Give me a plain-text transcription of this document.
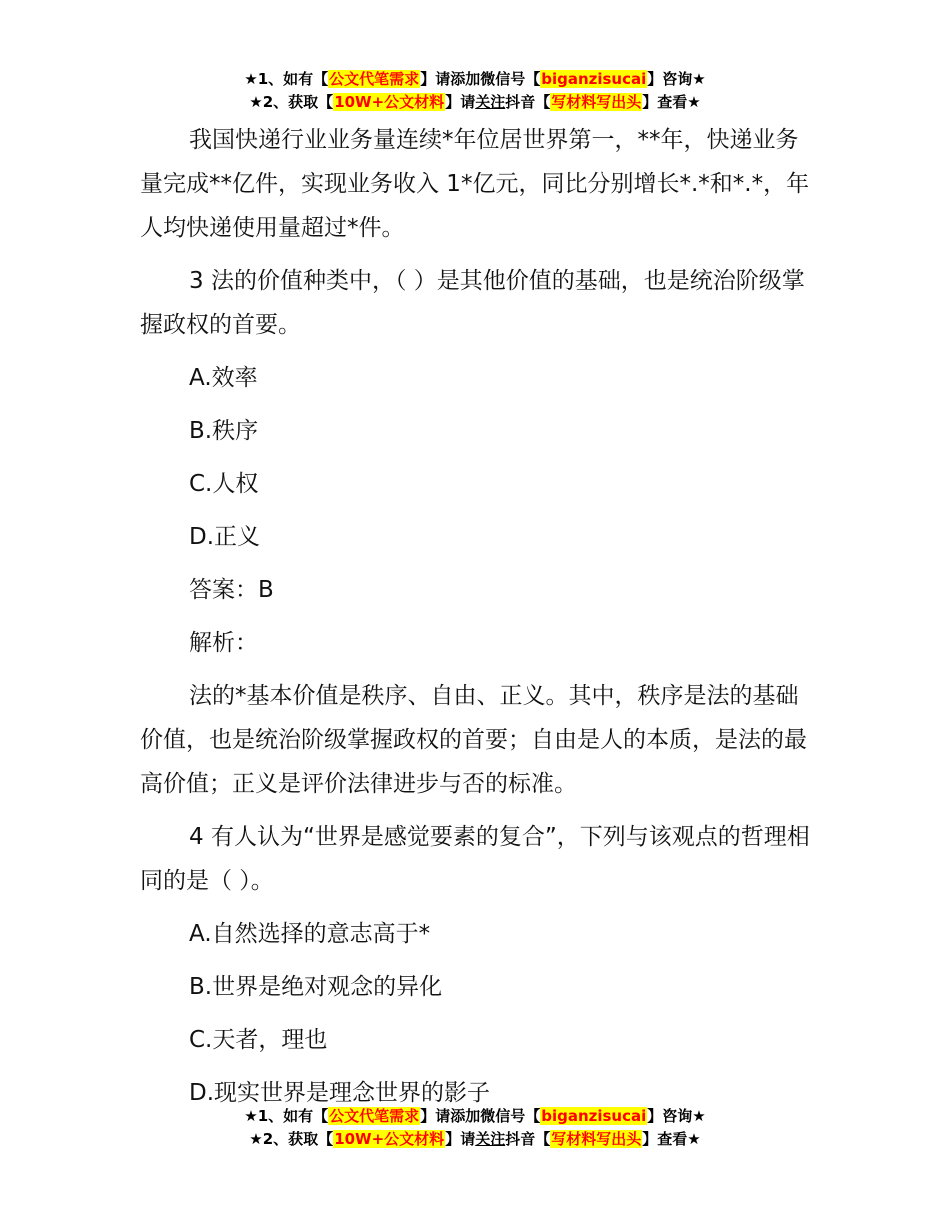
★1、如有【公文代笔需求】请添加微信号【biganzisucai】咨询★
★2、获取【10W+公文材料】请关注抖音【写材料写出头】查看★

我国快递行业业务量连续*年位居世界第一，**年，快递业务量完成**亿件，实现业务收入 1*亿元，同比分别增长*.*和*.*，年人均快递使用量超过*件。

3 法的价值种类中，（ ）是其他价值的基础，也是统治阶级掌握政权的首要。

A.效率

B.秩序

C.人权

D.正义

答案：B

解析：

法的*基本价值是秩序、自由、正义。其中，秩序是法的基础价值，也是统治阶级掌握政权的首要；自由是人的本质，是法的最高价值；正义是评价法律进步与否的标准。

4 有人认为“世界是感觉要素的复合”，下列与该观点的哲理相同的是（ ）。

A.自然选择的意志高于*

B.世界是绝对观念的异化

C.天者，理也

D.现实世界是理念世界的影子

★1、如有【公文代笔需求】请添加微信号【biganzisucai】咨询★
★2、获取【10W+公文材料】请关注抖音【写材料写出头】查看★
